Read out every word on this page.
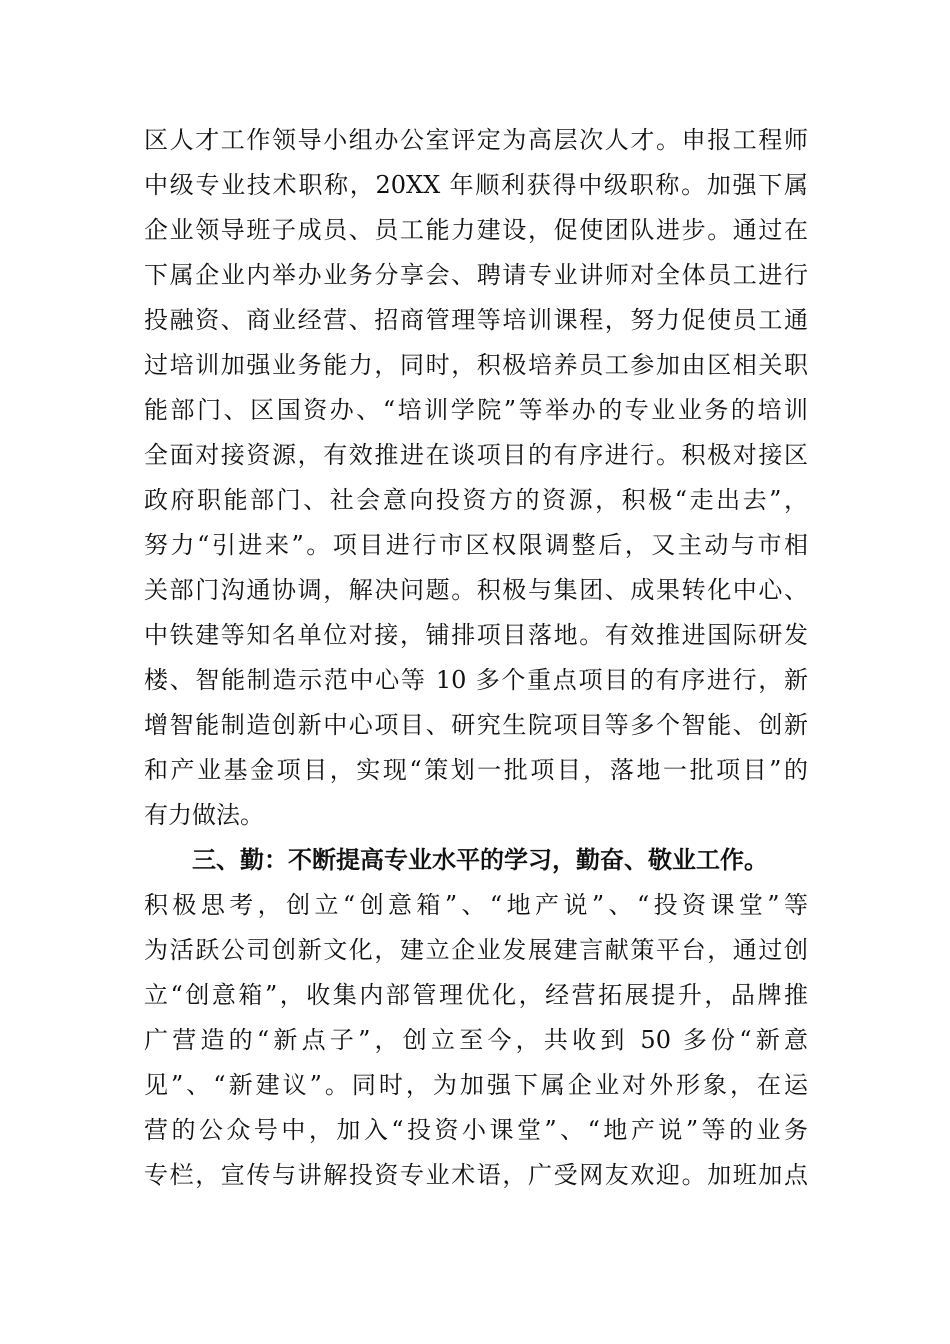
区人才工作领导小组办公室评定为高层次人才。申报工程师
中级专业技术职称，20XX 年顺利获得中级职称。加强下属
企业领导班子成员、员工能力建设，促使团队进步。通过在
下属企业内举办业务分享会、聘请专业讲师对全体员工进行
投融资、商业经营、招商管理等培训课程，努力促使员工通
过培训加强业务能力，同时，积极培养员工参加由区相关职
能部门、区国资办、“培训学院”等举办的专业业务的培训
全面对接资源，有效推进在谈项目的有序进行。积极对接区
政府职能部门、社会意向投资方的资源，积极“走出去”，
努力“引进来”。项目进行市区权限调整后，又主动与市相
关部门沟通协调，解决问题。积极与集团、成果转化中心、
中铁建等知名单位对接，铺排项目落地。有效推进国际研发
楼、智能制造示范中心等 10 多个重点项目的有序进行，新
增智能制造创新中心项目、研究生院项目等多个智能、创新
和产业基金项目，实现“策划一批项目，落地一批项目”的
有力做法。
三、勤：不断提高专业水平的学习，勤奋、敬业工作。
积极思考，创立“创意箱”、“地产说”、“投资课堂”等
为活跃公司创新文化，建立企业发展建言献策平台，通过创
立“创意箱”，收集内部管理优化，经营拓展提升，品牌推
广营造的“新点子”，创立至今，共收到 50 多份“新意
见”、“新建议”。同时，为加强下属企业对外形象，在运
营的公众号中，加入“投资小课堂”、“地产说”等的业务
专栏，宣传与讲解投资专业术语，广受网友欢迎。加班加点
